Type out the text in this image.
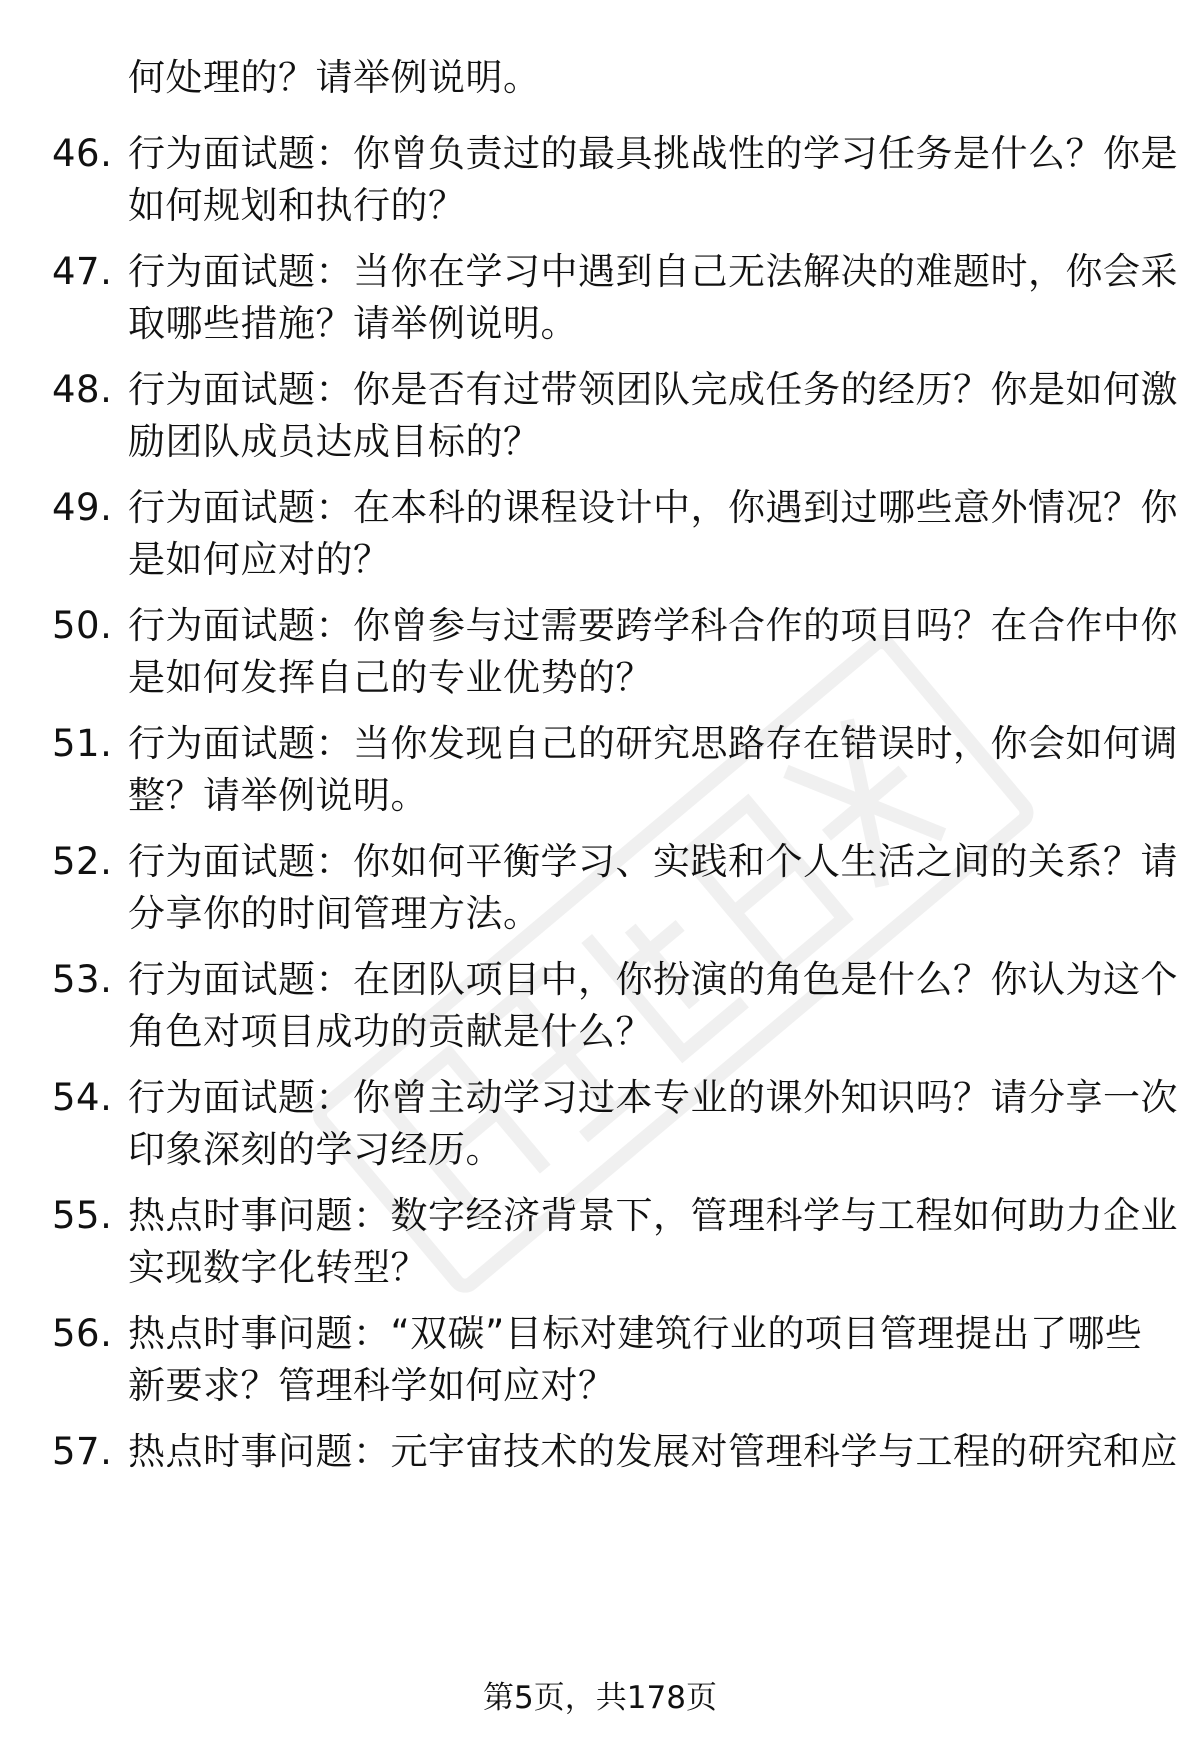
何处理的？请举例说明。
46. 行为面试题：你曾负责过的最具挑战性的学习任务是什么？你是
如何规划和执行的？
47. 行为面试题：当你在学习中遇到自己无法解决的难题时，你会采
取哪些措施？请举例说明。
48. 行为面试题：你是否有过带领团队完成任务的经历？你是如何激
励团队成员达成目标的？
49. 行为面试题：在本科的课程设计中，你遇到过哪些意外情况？你
是如何应对的？
50. 行为面试题：你曾参与过需要跨学科合作的项目吗？在合作中你
是如何发挥自己的专业优势的？
51. 行为面试题：当你发现自己的研究思路存在错误时，你会如何调
整？请举例说明。
52. 行为面试题：你如何平衡学习、实践和个人生活之间的关系？请
分享你的时间管理方法。
53. 行为面试题：在团队项目中，你扮演的角色是什么？你认为这个
角色对项目成功的贡献是什么？
54. 行为面试题：你曾主动学习过本专业的课外知识吗？请分享一次
印象深刻的学习经历。
55. 热点时事问题：数字经济背景下，管理科学与工程如何助力企业
实现数字化转型？
56. 热点时事问题：“双碳”目标对建筑行业的项目管理提出了哪些
新要求？管理科学如何应对？
57. 热点时事问题：元宇宙技术的发展对管理科学与工程的研究和应
第5页，共178页
